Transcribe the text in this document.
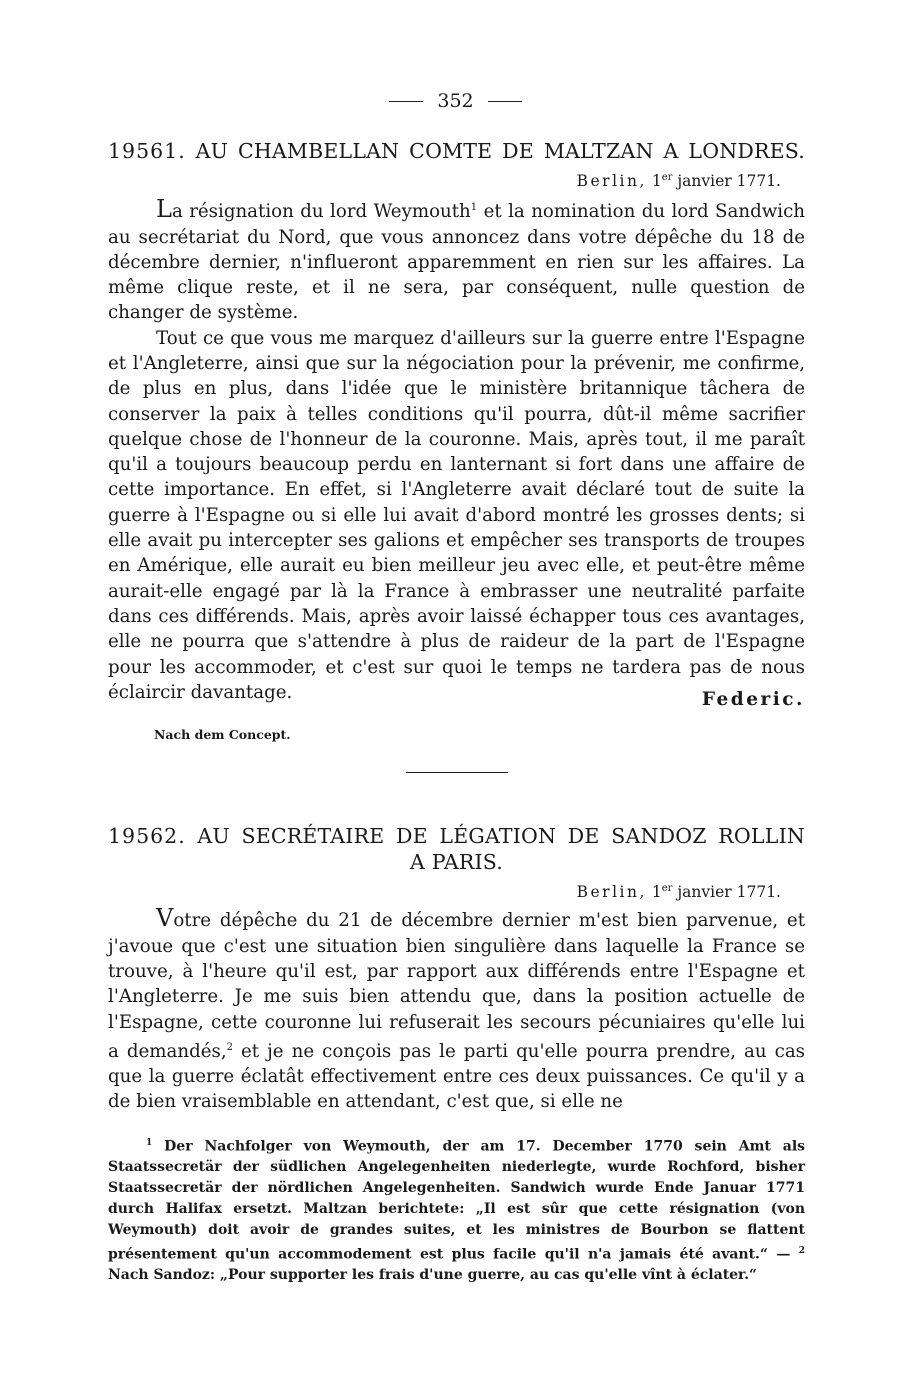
352
19561. AU CHAMBELLAN COMTE DE MALTZAN A LONDRES.
Berlin, 1er janvier 1771.

La résignation du lord Weymouth$^1$ et la nomination du lord Sandwich au secrétariat du Nord, que vous annoncez dans votre dépêche du 18 de décembre dernier, n'influeront apparemment en rien sur les affaires. La même clique reste, et il ne sera, par conséquent, nulle question de changer de système.

Tout ce que vous me marquez d'ailleurs sur la guerre entre l'Espagne et l'Angleterre, ainsi que sur la négociation pour la prévenir, me confirme, de plus en plus, dans l'idée que le ministère britannique tâchera de conserver la paix à telles conditions qu'il pourra, dût-il même sacrifier quelque chose de l'honneur de la couronne. Mais, après tout, il me paraît qu'il a toujours beaucoup perdu en lanternant si fort dans une affaire de cette importance. En effet, si l'Angleterre avait déclaré tout de suite la guerre à l'Espagne ou si elle lui avait d'abord montré les grosses dents; si elle avait pu intercepter ses galions et empêcher ses transports de troupes en Amérique, elle aurait eu bien meilleur jeu avec elle, et peut-être même aurait-elle engagé par là la France à embrasser une neutralité parfaite dans ces différends. Mais, après avoir laissé échapper tous ces avantages, elle ne pourra que s'attendre à plus de raideur de la part de l'Espagne pour les accommoder, et c'est sur quoi le temps ne tardera pas de nous éclaircir davantage.	Federic.
Nach dem Concept.
19562. AU SECRÉTAIRE DE LÉGATION DE SANDOZ ROLLIN
A PARIS.
Berlin, 1er janvier 1771.

Votre dépêche du 21 de décembre dernier m'est bien parvenue, et j'avoue que c'est une situation bien singulière dans laquelle la France se trouve, à l'heure qu'il est, par rapport aux différends entre l'Espagne et l'Angleterre. Je me suis bien attendu que, dans la position actuelle de l'Espagne, cette couronne lui refuserait les secours pécuniaires qu'elle lui a demandés,$^2$ et je ne conçois pas le parti qu'elle pourra prendre, au cas que la guerre éclatât effectivement entre ces deux puissances. Ce qu'il y a de bien vraisemblable en attendant, c'est que, si elle ne

$^1$ Der Nachfolger von Weymouth, der am 17. December 1770 sein Amt als Staatssecretär der südlichen Angelegenheiten niederlegte, wurde Rochford, bisher Staatssecretär der nördlichen Angelegenheiten. Sandwich wurde Ende Januar 1771 durch Halifax ersetzt. Maltzan berichtete: „Il est sûr que cette résignation (von Weymouth) doit avoir de grandes suites, et les ministres de Bourbon se flattent présentement qu'un accommodement est plus facile qu'il n'a jamais été avant.“ — $^2$ Nach Sandoz: „Pour supporter les frais d'une guerre, au cas qu'elle vînt à éclater.“
